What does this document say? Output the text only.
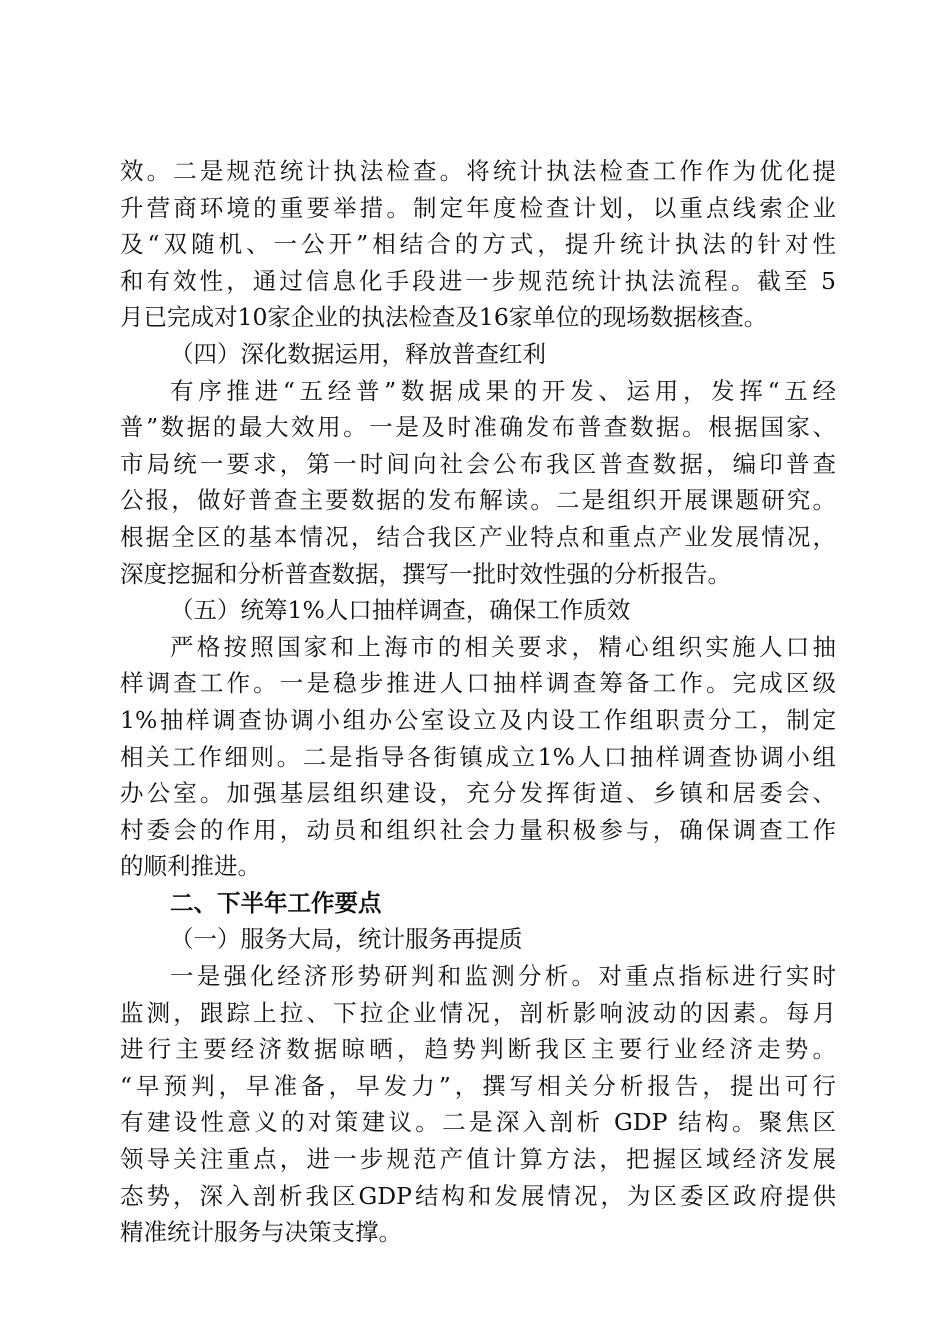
效。二是规范统计执法检查。将统计执法检查工作作为优化提
升营商环境的重要举措。制定年度检查计划，以重点线索企业
及“双随机、一公开”相结合的方式，提升统计执法的针对性
和有效性，通过信息化手段进一步规范统计执法流程。截至 5
月已完成对10家企业的执法检查及16家单位的现场数据核查。
（四）深化数据运用，释放普查红利
有序推进“五经普”数据成果的开发、运用，发挥“五经
普”数据的最大效用。一是及时准确发布普查数据。根据国家、
市局统一要求，第一时间向社会公布我区普查数据，编印普查
公报，做好普查主要数据的发布解读。二是组织开展课题研究。
根据全区的基本情况，结合我区产业特点和重点产业发展情况，
深度挖掘和分析普查数据，撰写一批时效性强的分析报告。
（五）统筹1%人口抽样调查，确保工作质效
严格按照国家和上海市的相关要求，精心组织实施人口抽
样调查工作。一是稳步推进人口抽样调查筹备工作。完成区级
1%抽样调查协调小组办公室设立及内设工作组职责分工，制定
相关工作细则。二是指导各街镇成立1%人口抽样调查协调小组
办公室。加强基层组织建设，充分发挥街道、乡镇和居委会、
村委会的作用，动员和组织社会力量积极参与，确保调查工作
的顺利推进。
二、下半年工作要点
（一）服务大局，统计服务再提质
一是强化经济形势研判和监测分析。对重点指标进行实时
监测，跟踪上拉、下拉企业情况，剖析影响波动的因素。每月
进行主要经济数据晾晒，趋势判断我区主要行业经济走势。
“早预判，早准备，早发力”，撰写相关分析报告，提出可行
有建设性意义的对策建议。二是深入剖析 GDP 结构。聚焦区
领导关注重点，进一步规范产值计算方法，把握区域经济发展
态势，深入剖析我区GDP结构和发展情况，为区委区政府提供
精准统计服务与决策支撑。
